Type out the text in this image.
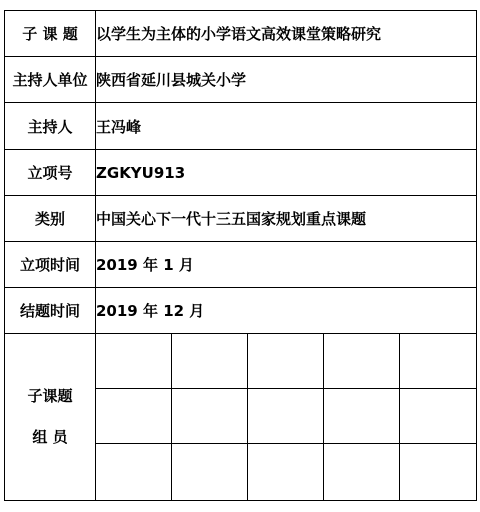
子 课 题	以学生为主体的小学语文高效课堂策略研究				
主持人单位	陕西省延川县城关小学				
主持人	王冯峰				
立项号	ZGKYU913				
类别	中国关心下一代十三五国家规划重点课题				
立项时间	2019 年 1 月				
结题时间	2019 年 12 月				

子课题
组 员					
